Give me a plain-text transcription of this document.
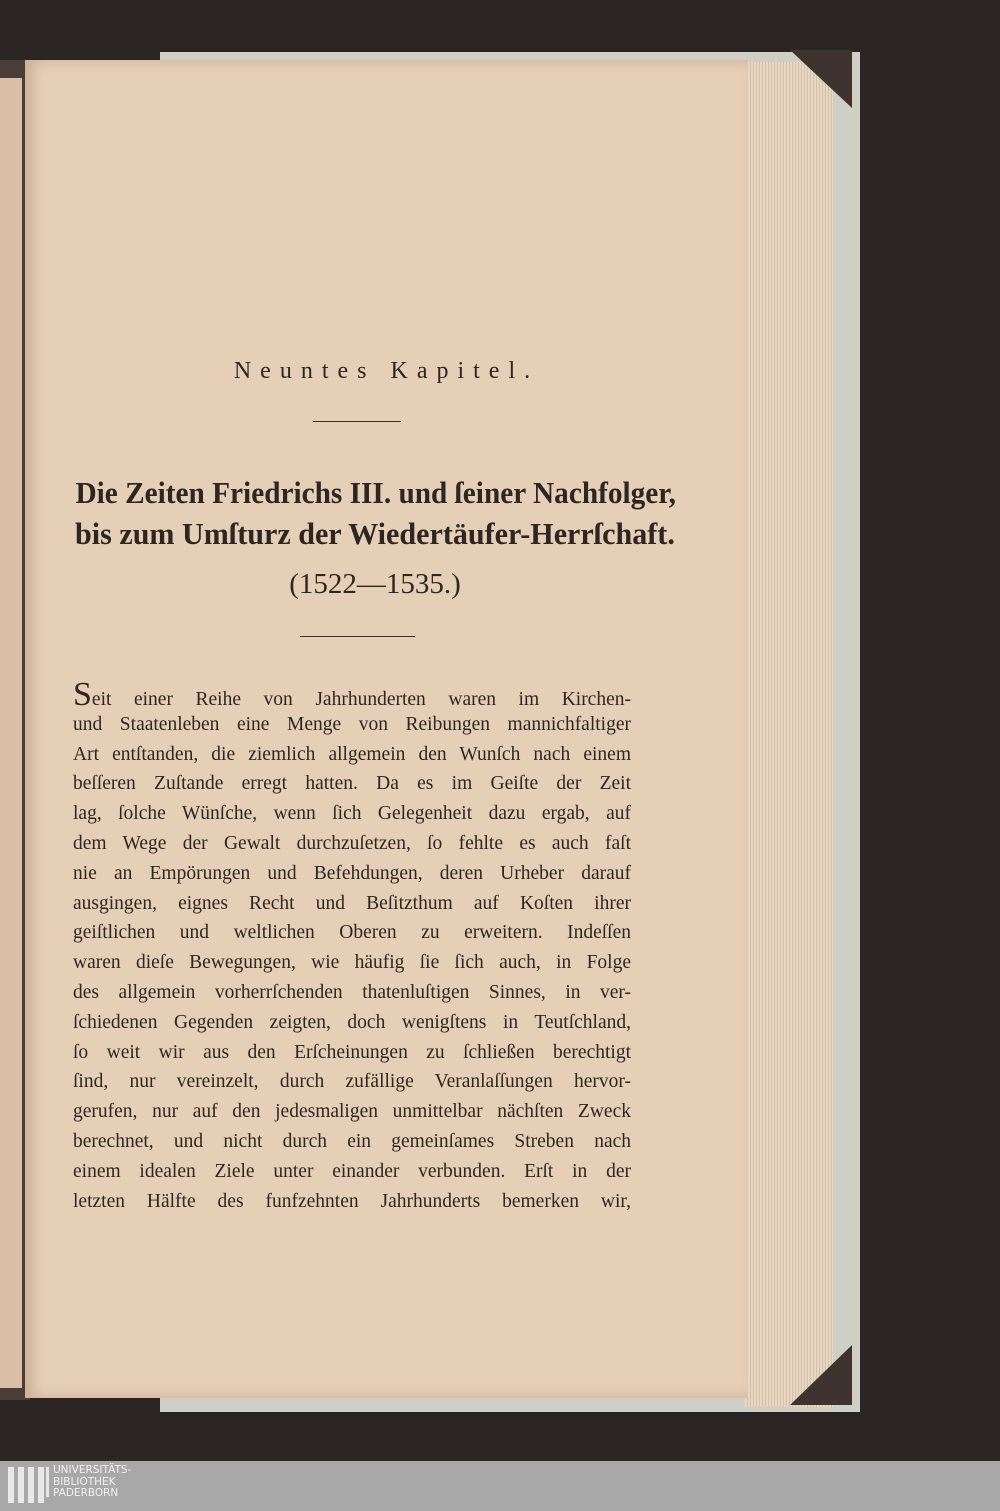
Neuntes Kapitel.
Die Zeiten Friedrichs III. und ſeiner Nachfolger,
bis zum Umſturz der Wiedertäufer-Herrſchaft.
(1522—1535.)
Seit einer Reihe von Jahrhunderten waren im Kirchen-
und Staatenleben eine Menge von Reibungen mannichfaltiger
Art entſtanden, die ziemlich allgemein den Wunſch nach einem
beſſeren Zuſtande erregt hatten. Da es im Geiſte der Zeit
lag, ſolche Wünſche, wenn ſich Gelegenheit dazu ergab, auf
dem Wege der Gewalt durchzuſetzen, ſo fehlte es auch faſt
nie an Empörungen und Befehdungen, deren Urheber darauf
ausgingen, eignes Recht und Beſitzthum auf Koſten ihrer
geiſtlichen und weltlichen Oberen zu erweitern. Indeſſen
waren dieſe Bewegungen, wie häufig ſie ſich auch, in Folge
des allgemein vorherrſchenden thatenluſtigen Sinnes, in ver-
ſchiedenen Gegenden zeigten, doch wenigſtens in Teutſchland,
ſo weit wir aus den Erſcheinungen zu ſchließen berechtigt
ſind, nur vereinzelt, durch zufällige Veranlaſſungen hervor-
gerufen, nur auf den jedesmaligen unmittelbar nächſten Zweck
berechnet, und nicht durch ein gemeinſames Streben nach
einem idealen Ziele unter einander verbunden. Erſt in der
letzten Hälfte des funfzehnten Jahrhunderts bemerken wir,
UNIVERSITÄTS-
BIBLIOTHEK
PADERBORN
